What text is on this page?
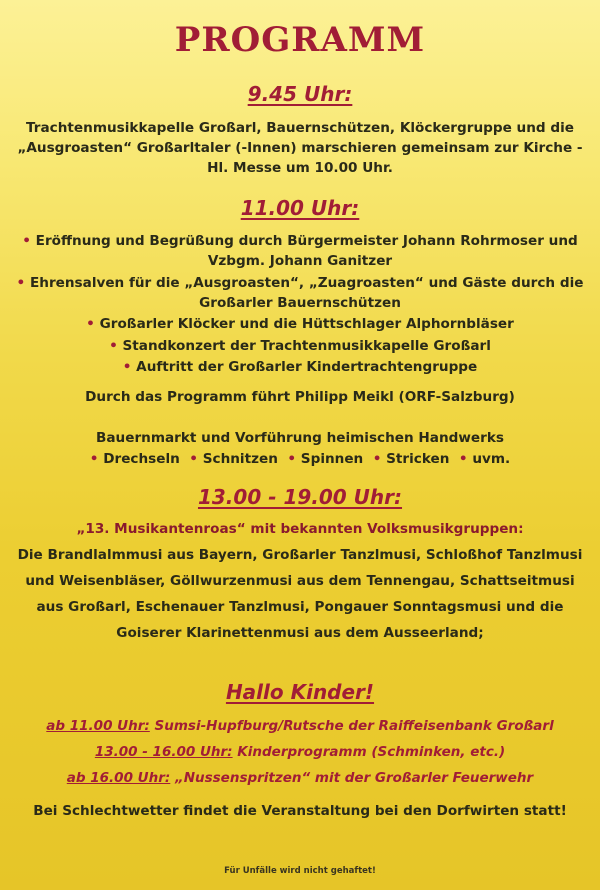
PROGRAMM
9.45 Uhr:
Trachtenmusikkapelle Großarl, Bauernschützen, Klöckergruppe und die
„Ausgroasten“ Großarltaler (-Innen) marschieren gemeinsam zur Kirche -
Hl. Messe um 10.00 Uhr.
11.00 Uhr:
• Eröffnung und Begrüßung durch Bürgermeister Johann Rohrmoser und
Vzbgm. Johann Ganitzer
• Ehrensalven für die „Ausgroasten“, „Zuagroasten“ und Gäste durch die
Großarler Bauernschützen
• Großarler Klöcker und die Hüttschlager Alphornbläser
• Standkonzert der Trachtenmusikkapelle Großarl
• Auftritt der Großarler Kindertrachtengruppe
Durch das Programm führt Philipp Meikl (ORF-Salzburg)
Bauernmarkt und Vorführung heimischen Handwerks
• Drechseln • Schnitzen • Spinnen • Stricken • uvm.
13.00 - 19.00 Uhr:
„13. Musikantenroas“ mit bekannten Volksmusikgruppen:
Die Brandlalmmusi aus Bayern, Großarler Tanzlmusi, Schloßhof Tanzlmusi
und Weisenbläser, Göllwurzenmusi aus dem Tennengau, Schattseitmusi
aus Großarl, Eschenauer Tanzlmusi, Pongauer Sonntagsmusi und die
Goiserer Klarinettenmusi aus dem Ausseerland;
Hallo Kinder!
ab 11.00 Uhr: Sumsi-Hupfburg/Rutsche der Raiffeisenbank Großarl
13.00 - 16.00 Uhr: Kinderprogramm (Schminken, etc.)
ab 16.00 Uhr: „Nussenspritzen“ mit der Großarler Feuerwehr
Bei Schlechtwetter findet die Veranstaltung bei den Dorfwirten statt!
Für Unfälle wird nicht gehaftet!
